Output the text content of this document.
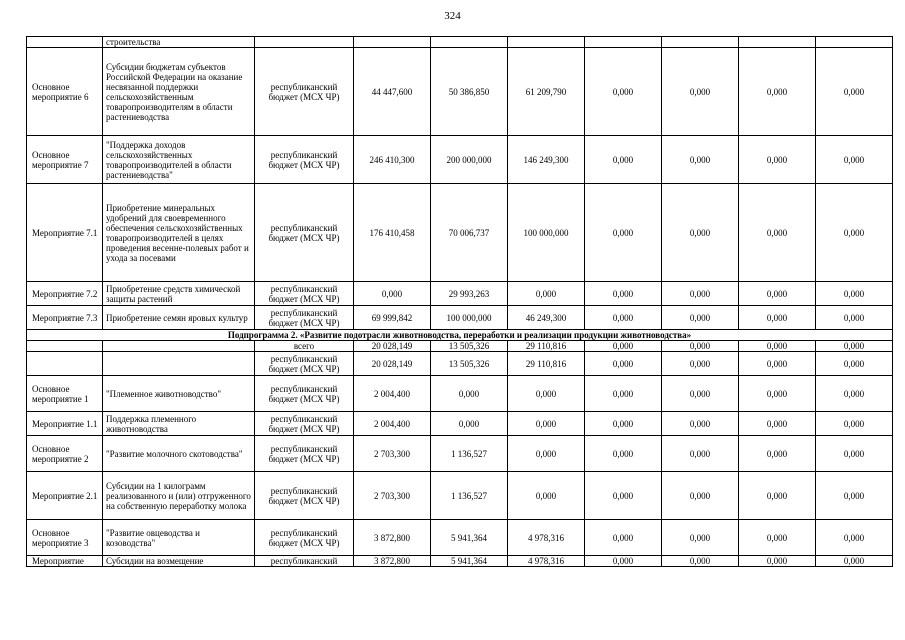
324
	строительства								
Основное мероприятие 6	Субсидии бюджетам субъектов Российской Федерации на оказание несвязанной поддержки сельскохозяйственным товаропроизводителям в области растениеводства	республиканский бюджет (МСХ ЧР)	44 447,600	50 386,850	61 209,790	0,000	0,000	0,000	0,000
Основное мероприятие 7	"Поддержка доходов сельскохозяйственных товаропроизводителей в области растениеводства"	республиканский бюджет (МСХ ЧР)	246 410,300	200 000,000	146 249,300	0,000	0,000	0,000	0,000
Мероприятие 7.1	Приобретение минеральных удобрений для своевременного обеспечения сельскохозяйственных товаропроизводителей в целях проведения весенне-полевых работ и ухода за посевами	республиканский бюджет (МСХ ЧР)	176 410,458	70 006,737	100 000,000	0,000	0,000	0,000	0,000
Мероприятие 7.2	Приобретение средств химической защиты растений	республиканский бюджет (МСХ ЧР)	0,000	29 993,263	0,000	0,000	0,000	0,000	0,000
Мероприятие 7.3	Приобретение семян яровых культур	республиканский бюджет (МСХ ЧР)	69 999,842	100 000,000	46 249,300	0,000	0,000	0,000	0,000
Подпрограмма 2. «Развитие подотрасли животноводства, переработки и реализации продукции животноводства»									
		всего	20 028,149	13 505,326	29 110,816	0,000	0,000	0,000	0,000
		республиканский бюджет (МСХ ЧР)	20 028,149	13 505,326	29 110,816	0,000	0,000	0,000	0,000
Основное мероприятие 1	"Племенное животноводство"	республиканский бюджет (МСХ ЧР)	2 004,400	0,000	0,000	0,000	0,000	0,000	0,000
Мероприятие 1.1	Поддержка племенного животноводства	республиканский бюджет (МСХ ЧР)	2 004,400	0,000	0,000	0,000	0,000	0,000	0,000
Основное мероприятие 2	"Развитие молочного скотоводства"	республиканский бюджет (МСХ ЧР)	2 703,300	1 136,527	0,000	0,000	0,000	0,000	0,000
Мероприятие 2.1	Субсидии на 1 килограмм реализованного и (или) отгруженного на собственную переработку молока	республиканский бюджет (МСХ ЧР)	2 703,300	1 136,527	0,000	0,000	0,000	0,000	0,000
Основное мероприятие 3	"Развитие овцеводства и козоводства"	республиканский бюджет (МСХ ЧР)	3 872,800	5 941,364	4 978,316	0,000	0,000	0,000	0,000
Мероприятие	Субсидии на возмещение	республиканский	3 872,800	5 941,364	4 978,316	0,000	0,000	0,000	0,000
